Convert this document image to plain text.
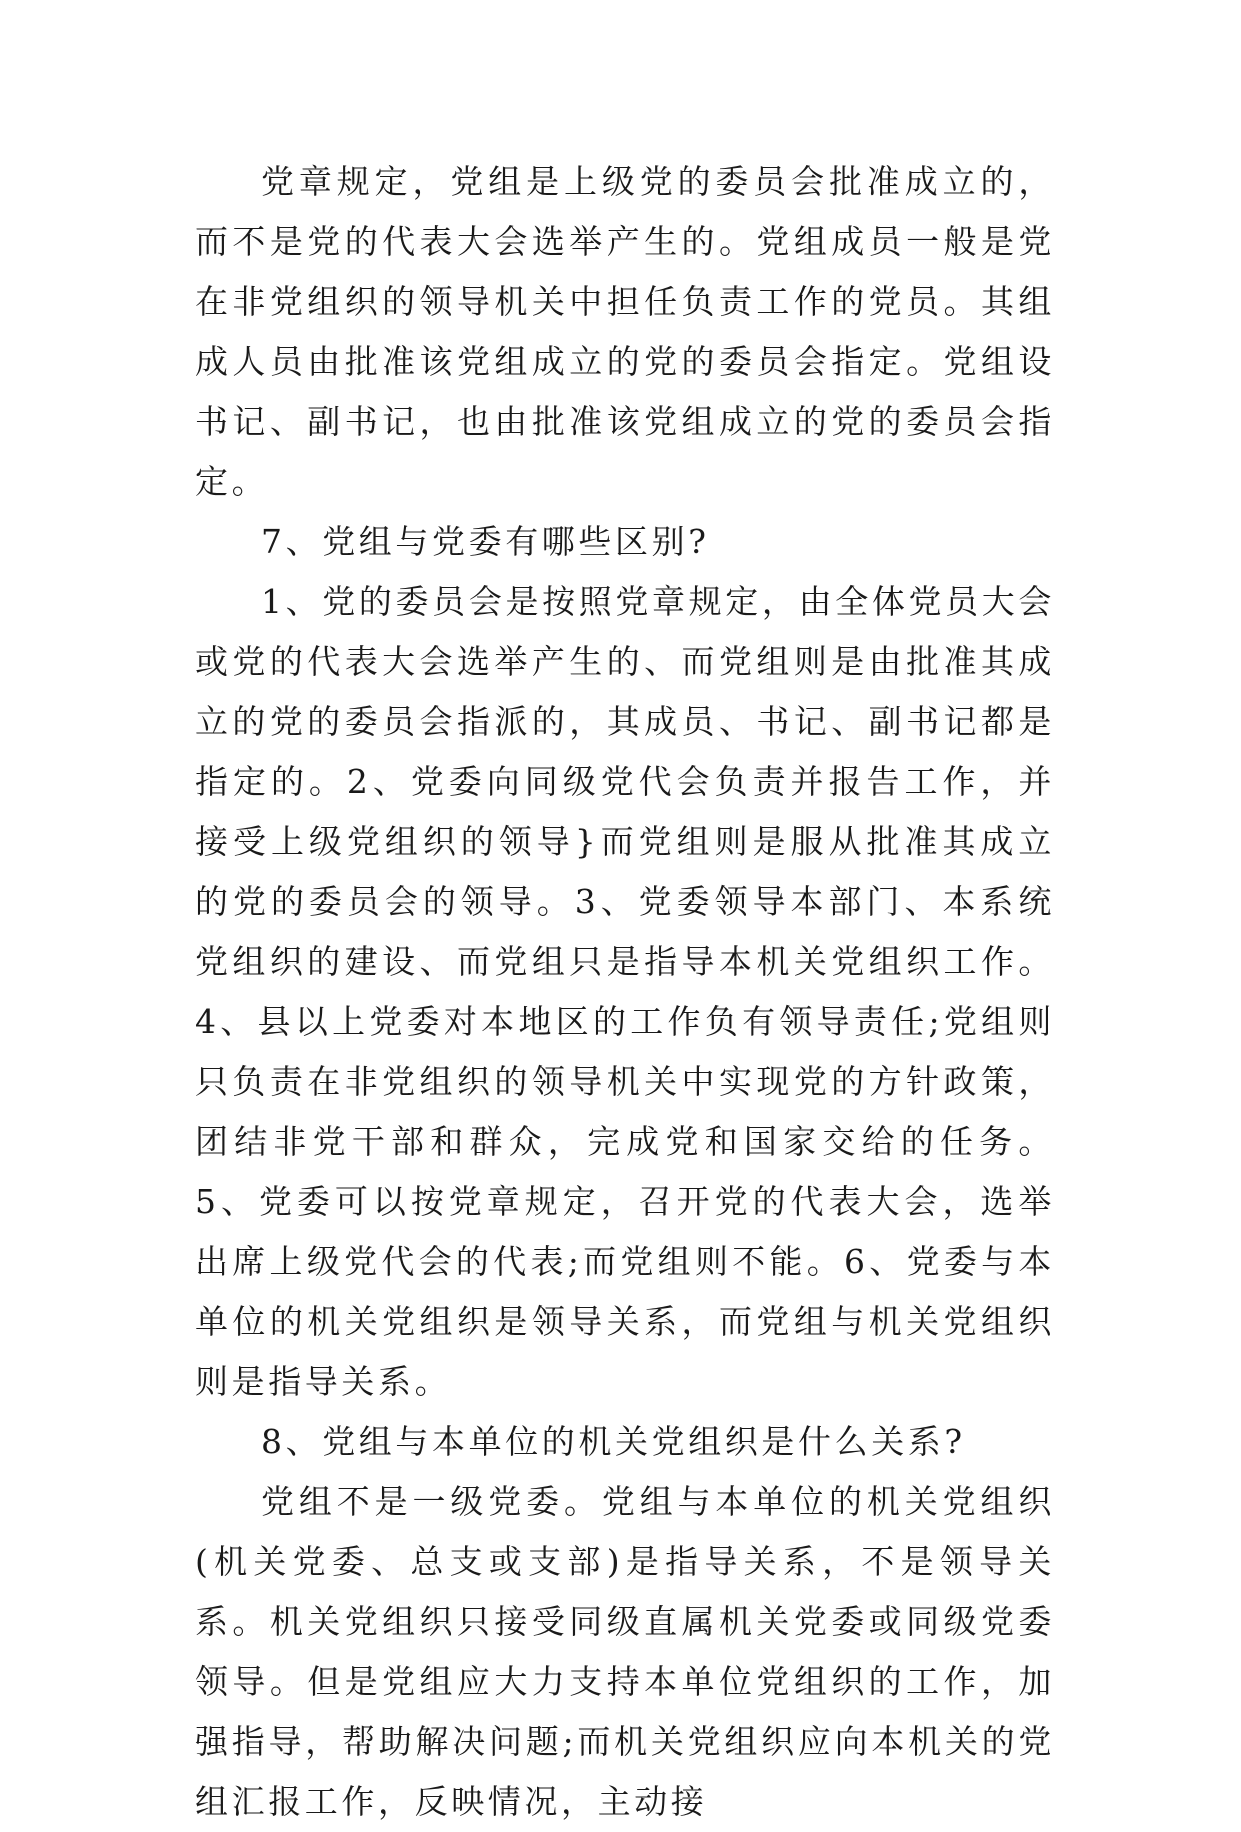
党章规定，党组是上级党的委员会批准成立的，而不是党的代表大会选举产生的。党组成员一般是党在非党组织的领导机关中担任负责工作的党员。其组成人员由批准该党组成立的党的委员会指定。党组设书记、副书记，也由批准该党组成立的党的委员会指定。

7、党组与党委有哪些区别?

1、党的委员会是按照党章规定，由全体党员大会或党的代表大会选举产生的、而党组则是由批准其成立的党的委员会指派的，其成员、书记、副书记都是指定的。2、党委向同级党代会负责并报告工作，并接受上级党组织的领导}而党组则是服从批准其成立的党的委员会的领导。3、党委领导本部门、本系统党组织的建设、而党组只是指导本机关党组织工作。4、县以上党委对本地区的工作负有领导责任;党组则只负责在非党组织的领导机关中实现党的方针政策，团结非党干部和群众，完成党和国家交给的任务。5、党委可以按党章规定，召开党的代表大会，选举出席上级党代会的代表;而党组则不能。6、党委与本单位的机关党组织是领导关系，而党组与机关党组织则是指导关系。

8、党组与本单位的机关党组织是什么关系?

党组不是一级党委。党组与本单位的机关党组织(机关党委、总支或支部)是指导关系，不是领导关系。机关党组织只接受同级直属机关党委或同级党委领导。但是党组应大力支持本单位党组织的工作，加强指导，帮助解决问题;而机关党组织应向本机关的党组汇报工作，反映情况，主动接
